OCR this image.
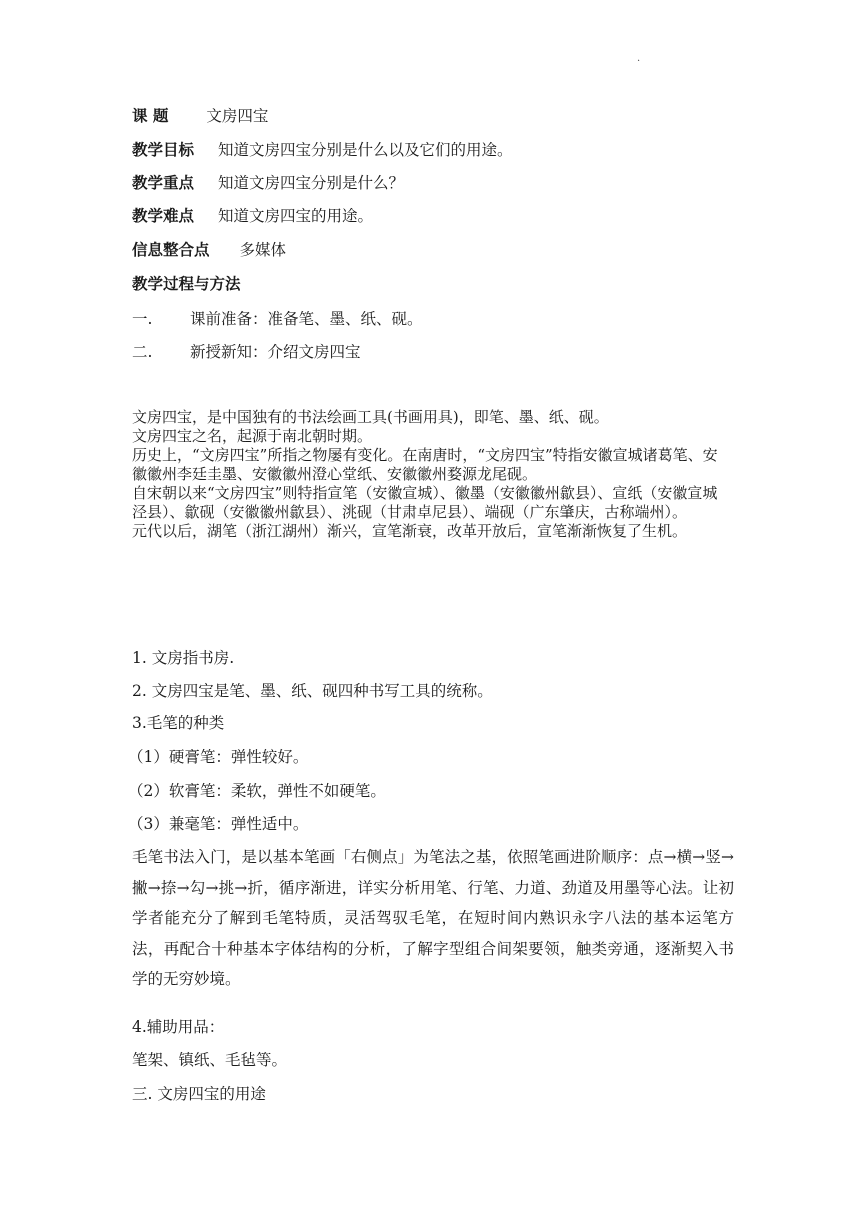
·
课 题 文房四宝
教学目标 知道文房四宝分别是什么以及它们的用途。
教学重点 知道文房四宝分别是什么？
教学难点 知道文房四宝的用途。
信息整合点 多媒体
教学过程与方法
一. 课前准备：准备笔、墨、纸、砚。
二. 新授新知：介绍文房四宝

文房四宝，是中国独有的书法绘画工具(书画用具)，即笔、墨、纸、砚。

文房四宝之名，起源于南北朝时期。

历史上，“文房四宝”所指之物屡有变化。在南唐时，“文房四宝”特指安徽宣城诸葛笔、安徽徽州李廷圭墨、安徽徽州澄心堂纸、安徽徽州婺源龙尾砚。

自宋朝以来“文房四宝”则特指宣笔（安徽宣城）、徽墨（安徽徽州歙县）、宣纸（安徽宣城泾县）、歙砚（安徽徽州歙县）、洮砚（甘肃卓尼县）、端砚（广东肇庆，古称端州）。

元代以后，湖笔（浙江湖州）渐兴，宣笔渐衰，改革开放后，宣笔渐渐恢复了生机。

1. 文房指书房.
2. 文房四宝是笔、墨、纸、砚四种书写工具的统称。
3.毛笔的种类
（1）硬膏笔：弹性较好。
（2）软膏笔：柔软，弹性不如硬笔。
（3）兼毫笔：弹性适中。
毛笔书法入门，是以基本笔画「右侧点」为笔法之基，依照笔画进阶顺序：点→横→竖→撇→捺→勾→挑→折，循序渐进，详实分析用笔、行笔、力道、劲道及用墨等心法。让初学者能充分了解到毛笔特质，灵活驾驭毛笔，在短时间内熟识永字八法的基本运笔方法，再配合十种基本字体结构的分析，了解字型组合间架要领，触类旁通，逐渐契入书学的无穷妙境。
4.辅助用品：
笔架、镇纸、毛毡等。
三. 文房四宝的用途
